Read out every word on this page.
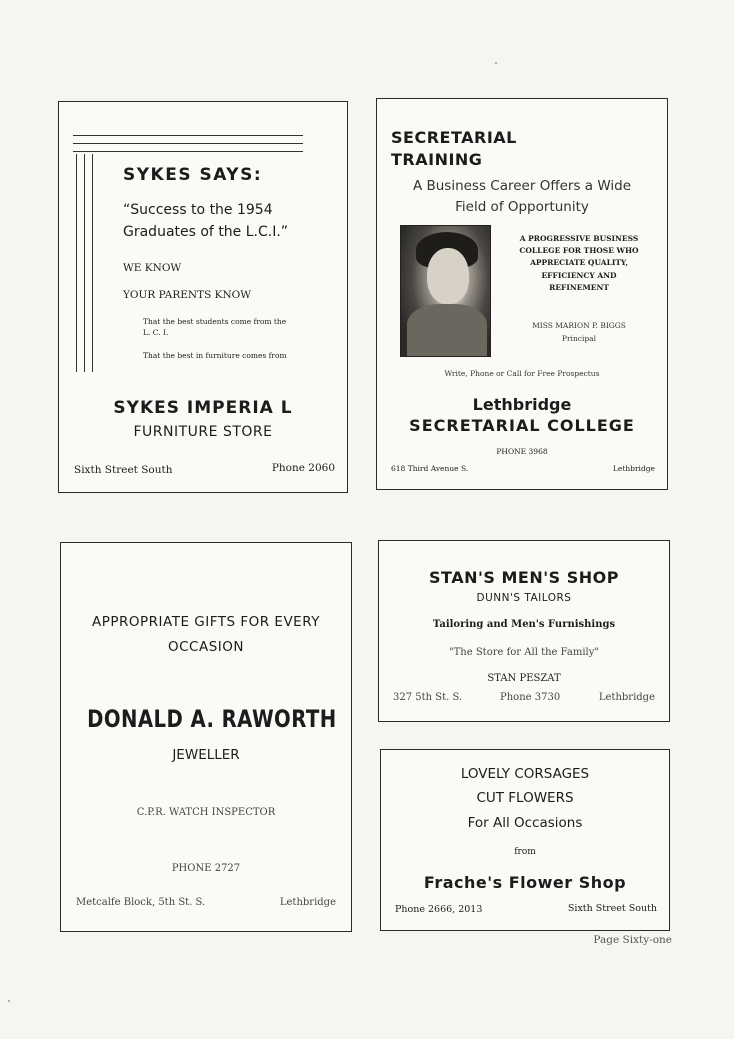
SYKES SAYS:
“Success to the 1954
Graduates of the L.C.I.”
WE KNOW
YOUR PARENTS KNOW
That the best students come from the
L. C. I.
That the best in furniture comes from
SYKES IMPERIA L
FURNITURE STORE
Sixth Street South	Phone 2060
SECRETARIAL
TRAINING
A Business Career Offers a Wide
Field of Opportunity
A PROGRESSIVE BUSINESS
COLLEGE FOR THOSE WHO
APPRECIATE QUALITY,
EFFICIENCY AND
REFINEMENT
MISS MARION P. BIGGS
Principal
Write, Phone or Call for Free Prospectus
Lethbridge
SECRETARIAL COLLEGE
PHONE 3968
618 Third Avenue S.	Lethbridge
APPROPRIATE GIFTS FOR EVERY
OCCASION
DONALD A. RAWORTH
JEWELLER
C.P.R. WATCH INSPECTOR
PHONE 2727
Metcalfe Block, 5th St. S.	Lethbridge
STAN'S MEN'S SHOP
DUNN'S TAILORS
Tailoring and Men's Furnishings
"The Store for All the Family"
STAN PESZAT
327 5th St. S.	Phone 3730	Lethbridge
LOVELY CORSAGES
CUT FLOWERS
For All Occasions
from
Frache's Flower Shop
Phone 2666, 2013	Sixth Street South
Page Sixty-one
